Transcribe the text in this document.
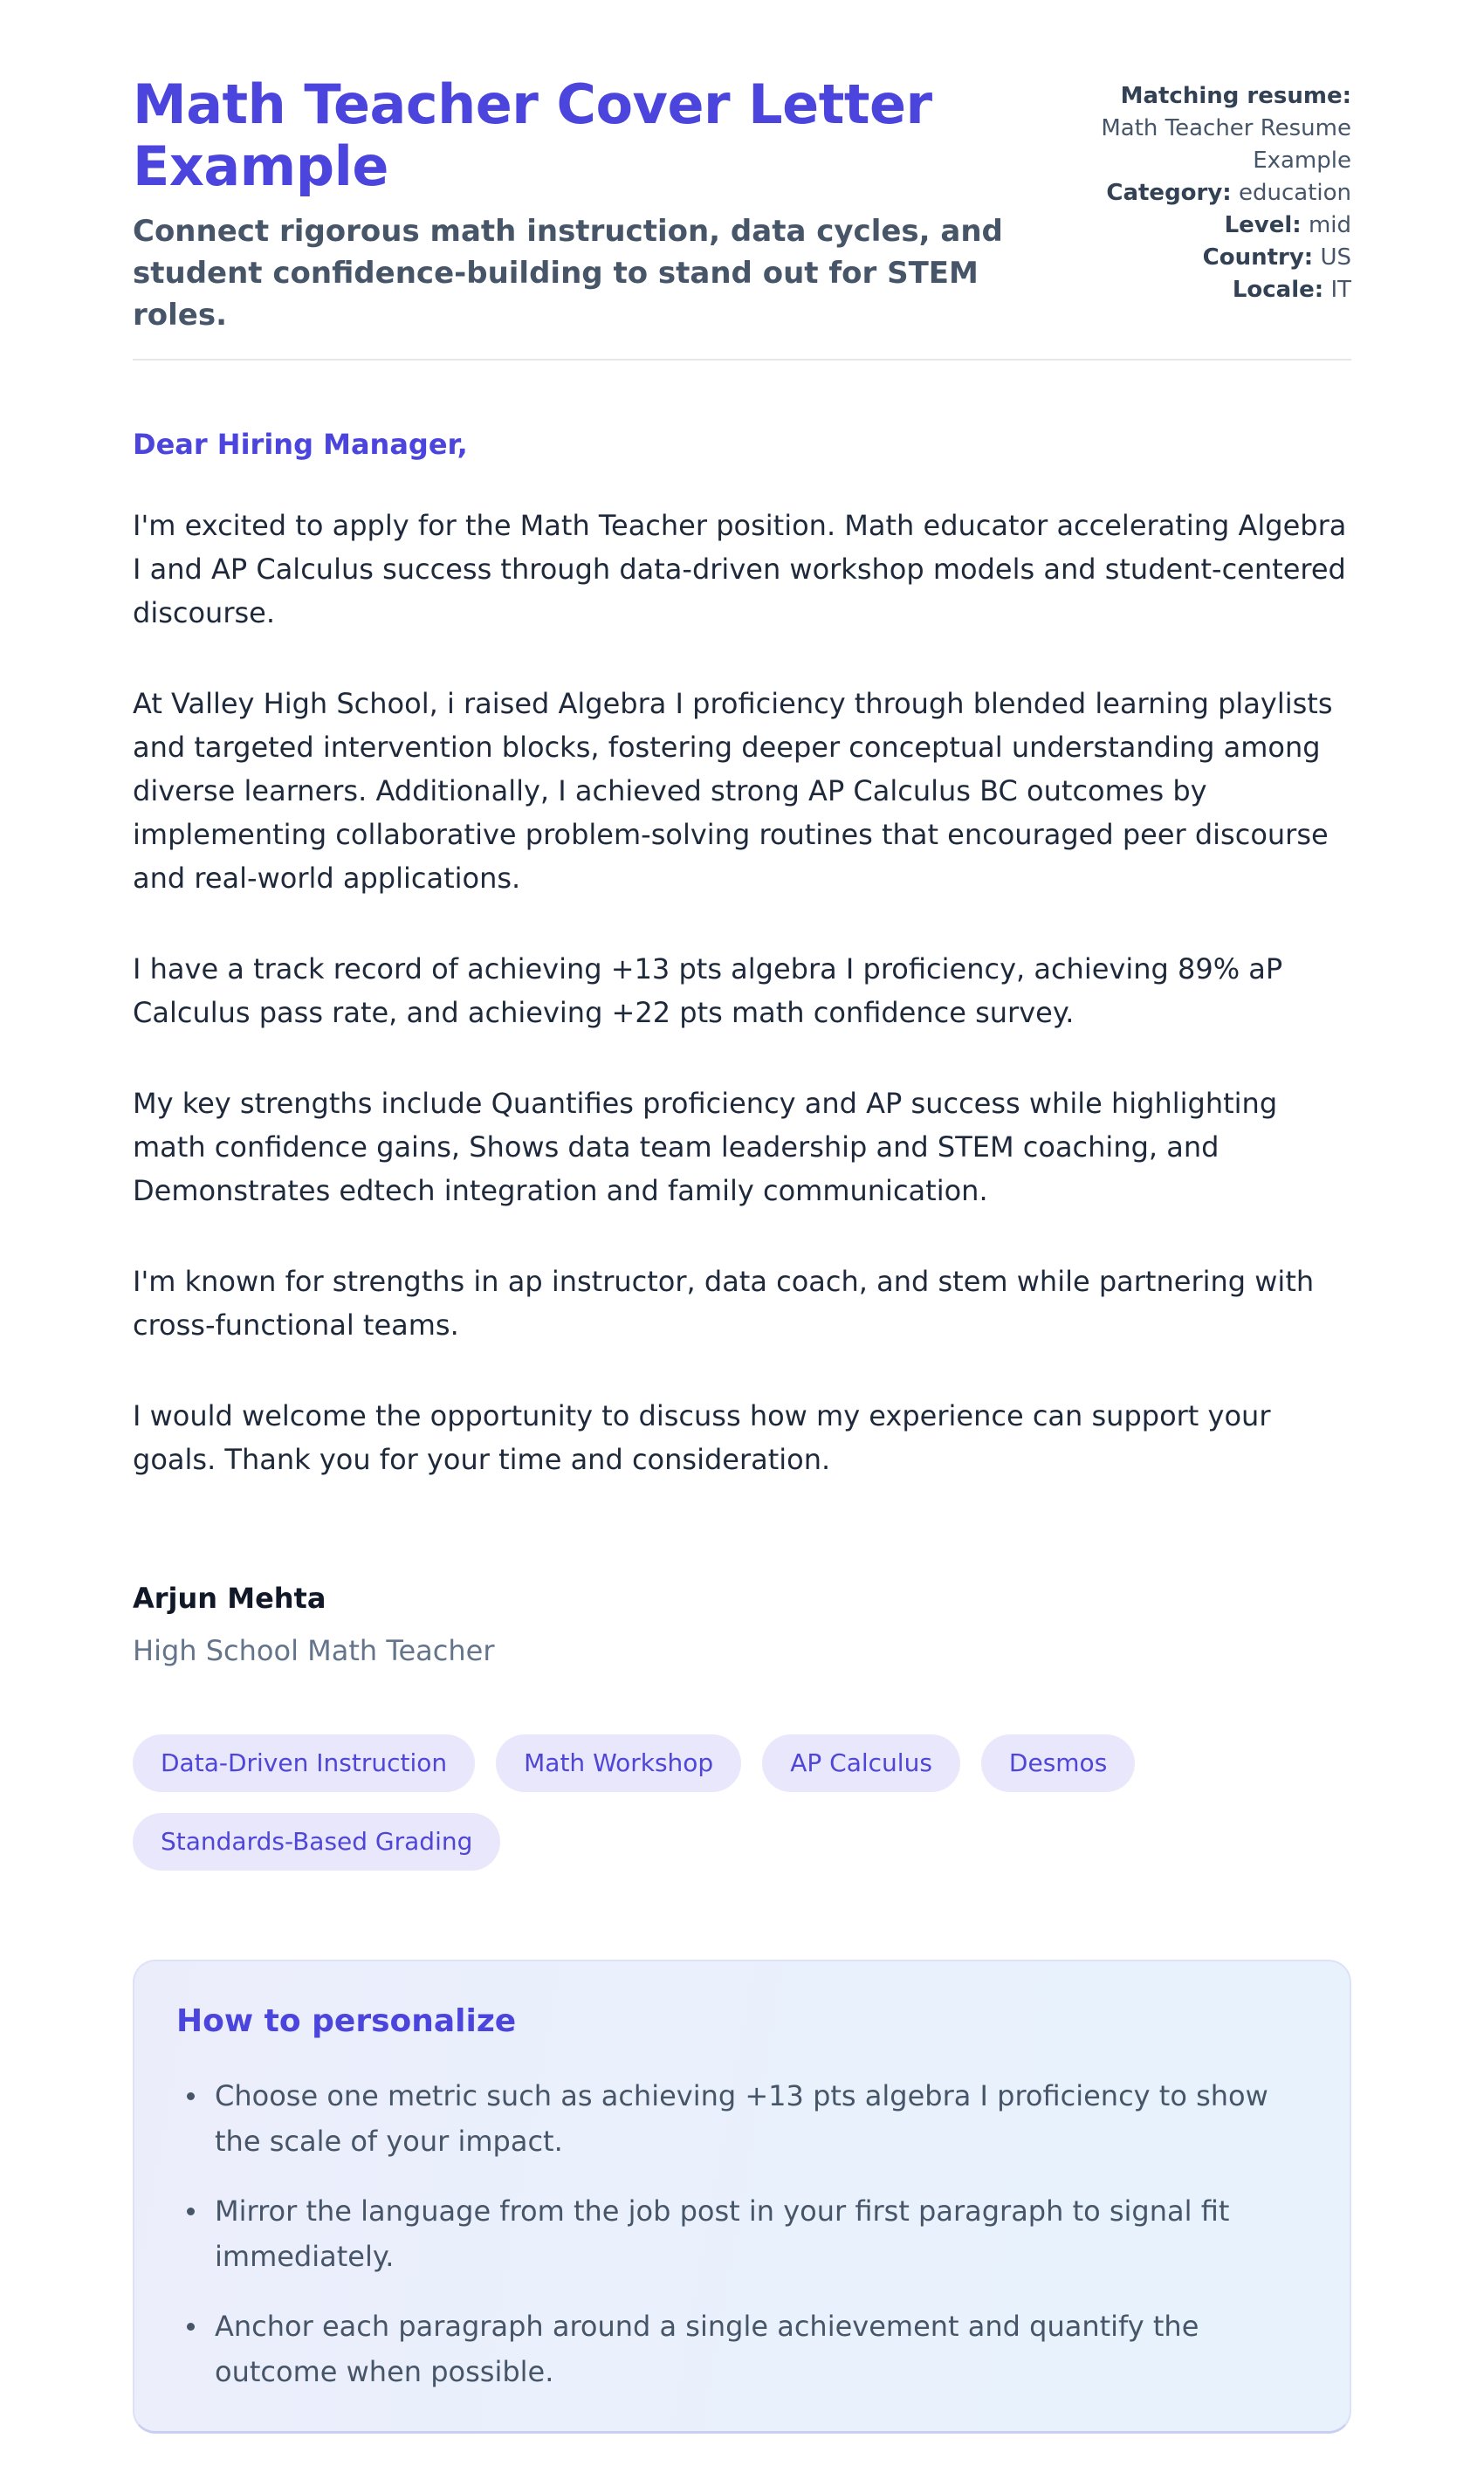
Math Teacher Cover Letter Example
Connect rigorous math instruction, data cycles, and student confidence-building to stand out for STEM roles.
Matching resume:
Math Teacher Resume Example
Category: education
Level: mid
Country: US
Locale: IT
Dear Hiring Manager,

I'm excited to apply for the Math Teacher position. Math educator accelerating Algebra I and AP Calculus success through data-driven workshop models and student-centered discourse.

At Valley High School, i raised Algebra I proficiency through blended learning playlists and targeted intervention blocks, fostering deeper conceptual understanding among diverse learners. Additionally, I achieved strong AP Calculus BC outcomes by implementing collaborative problem-solving routines that encouraged peer discourse and real-world applications.

I have a track record of achieving +13 pts algebra I proficiency, achieving 89% aP Calculus pass rate, and achieving +22 pts math confidence survey.

My key strengths include Quantifies proficiency and AP success while highlighting math confidence gains, Shows data team leadership and STEM coaching, and Demonstrates edtech integration and family communication.

I'm known for strengths in ap instructor, data coach, and stem while partnering with cross-functional teams.

I would welcome the opportunity to discuss how my experience can support your goals. Thank you for your time and consideration.

Arjun Mehta
High School Math Teacher
Data-Driven Instruction	Math Workshop	AP Calculus	Desmos
Standards-Based Grading
How to personalize
Choose one metric such as achieving +13 pts algebra I proficiency to show the scale of your impact.
Mirror the language from the job post in your first paragraph to signal fit immediately.
Anchor each paragraph around a single achievement and quantify the outcome when possible.
